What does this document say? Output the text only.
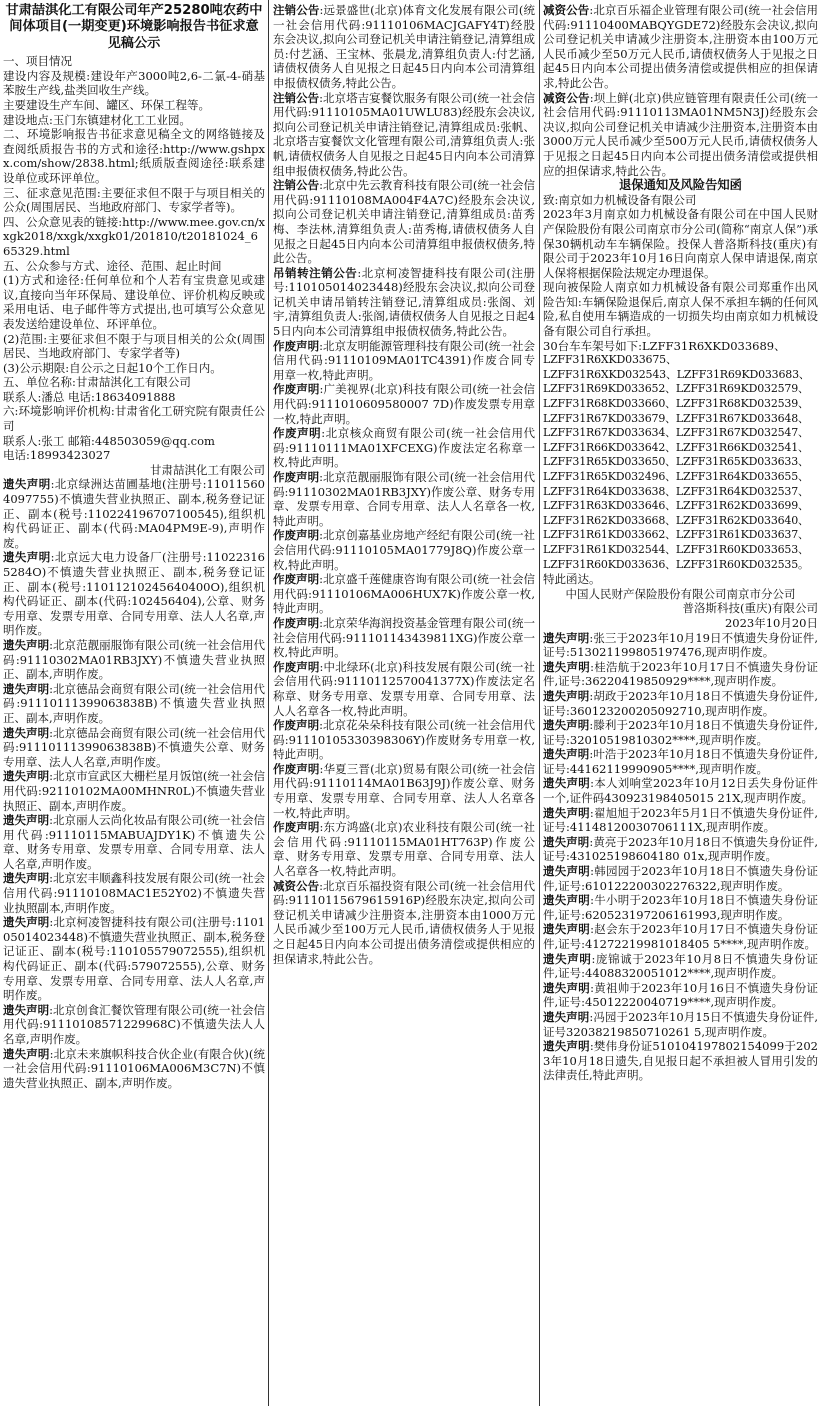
甘肃喆淇化工有限公司年产25280吨农药中间体项目(一期变更)环境影响报告书征求意见稿公示

一、项目情况

建设内容及规模:建设年产3000吨2,6-二氯-4-硝基苯胺生产线,盐类回收生产线。

主要建设生产车间、罐区、环保工程等。

建设地点:玉门东镇建材化工工业园。

二、环境影响报告书征求意见稿全文的网络链接及查阅纸质报告书的方式和途径:http://www.gshpxx.com/show/2838.html;纸质版查阅途径:联系建设单位或环评单位。

三、征求意见范围:主要征求但不限于与项目相关的公众(周围居民、当地政府部门、专家学者等)。

四、公众意见表的链接:http://www.mee.gov.cn/xxgk2018/xxgk/xxgk01/201810/t20181024_665329.html

五、公众参与方式、途径、范围、起止时间

(1)方式和途径:任何单位和个人若有宝贵意见或建议,直接向当年环保局、建设单位、评价机构反映或采用电话、电子邮件等方式提出,也可填写公众意见表发送给建设单位、环评单位。

(2)范围:主要征求但不限于与项目相关的公众(周围居民、当地政府部门、专家学者等)

(3)公示期限:自公示之日起10个工作日内。

五、单位名称:甘肃喆淇化工有限公司

联系人:潘总 电话:18634091888

六:环境影响评价机构:甘肃省化工研究院有限责任公司

联系人:张工 邮箱:448503059@qq.com

电话:18993423027

甘肃喆淇化工有限公司

遗失声明:北京绿洲达苗圃基地(注册号:110115604097755)不慎遗失营业执照正、副本,税务登记证正、副本(税号:110224196707100545),组织机构代码证正、副本(代码:MA04PM9E-9),声明作废。

遗失声明:北京远大电力设备厂(注册号:110223165284O)不慎遗失营业执照正、副本,税务登记证正、副本(税号:11011210245640400O),组织机构代码证正、副本(代码:102456404),公章、财务专用章、发票专用章、合同专用章、法人人名章,声明作废。

遗失声明:北京范靓丽服饰有限公司(统一社会信用代码:91110302MA01RB3JXY)不慎遗失营业执照正、副本,声明作废。

遗失声明:北京德品会商贸有限公司(统一社会信用代码:91110111399063838B)不慎遗失营业执照正、副本,声明作废。

遗失声明:北京德品会商贸有限公司(统一社会信用代码:91110111399063838B)不慎遗失公章、财务专用章、法人人名章,声明作废。

遗失声明:北京市宣武区大栅栏星月饭馆(统一社会信用代码:92110102MA00MHNR0L)不慎遗失营业执照正、副本,声明作废。

遗失声明:北京丽人云尚化妆品有限公司(统一社会信用代码:91110115MABUAJDY1K)不慎遗失公章、财务专用章、发票专用章、合同专用章、法人人名章,声明作废。

遗失声明:北京宏丰顺鑫科技发展有限公司(统一社会信用代码:91110108MAC1E52Y02)不慎遗失营业执照副本,声明作废。

遗失声明:北京柯凌智捷科技有限公司(注册号:110105014023448)不慎遗失营业执照正、副本,税务登记证正、副本(税号:110105579072555),组织机构代码证正、副本(代码:579072555),公章、财务专用章、发票专用章、合同专用章、法人人名章,声明作废。

遗失声明:北京创食汇餐饮管理有限公司(统一社会信用代码:91110108571229968C)不慎遗失法人人名章,声明作废。

遗失声明:北京未来旗帜科技合伙企业(有限合伙)(统一社会信用代码:91110106MA006M3C7N)不慎遗失营业执照正、副本,声明作废。

注销公告:远景盛世(北京)体育文化发展有限公司(统一社会信用代码:91110106MACJGAFY4T)经股东会决议,拟向公司登记机关申请注销登记,清算组成员:付艺涵、王宝林、张晨龙,清算组负责人:付艺涵,请债权债务人自见报之日起45日内向本公司清算组申报债权债务,特此公告。

注销公告:北京塔吉宴餐饮服务有限公司(统一社会信用代码:91110105MA01UWLU83)经股东会决议,拟向公司登记机关申请注销登记,清算组成员:张帆、北京塔吉宴餐饮文化管理有限公司,清算组负责人:张帆,请债权债务人自见报之日起45日内向本公司清算组申报债权债务,特此公告。

注销公告:北京中先云教育科技有限公司(统一社会信用代码:91110108MA004F4A7C)经股东会决议,拟向公司登记机关申请注销登记,清算组成员:苗秀梅、李法林,清算组负责人:苗秀梅,请债权债务人自见报之日起45日内向本公司清算组申报债权债务,特此公告。

吊销转注销公告:北京柯凌智捷科技有限公司(注册号:110105014023448)经股东会决议,拟向公司登记机关申请吊销转注销登记,清算组成员:张阁、刘宇,清算组负责人:张阁,请债权债务人自见报之日起45日内向本公司清算组申报债权债务,特此公告。

作废声明:北京友明能源管理科技有限公司(统一社会信用代码:91110109MA01TC4391)作废合同专用章一枚,特此声明。

作废声明:广美视界(北京)科技有限公司(统一社会信用代码:9111010609580007 7D)作废发票专用章一枚,特此声明。

作废声明:北京核众商贸有限公司(统一社会信用代码:91110111MA01XFCEXG)作废法定名称章一枚,特此声明。

作废声明:北京范靓丽服饰有限公司(统一社会信用代码:91110302MA01RB3JXY)作废公章、财务专用章、发票专用章、合同专用章、法人人名章各一枚,特此声明。

作废声明:北京创嘉基业房地产经纪有限公司(统一社会信用代码:91110105MA01779J8Q)作废公章一枚,特此声明。

作废声明:北京盛千莲健康咨询有限公司(统一社会信用代码:91110106MA006HUX7K)作废公章一枚,特此声明。

作废声明:北京荣华海润投资基金管理有限公司(统一社会信用代码:911101143439811XG)作废公章一枚,特此声明。

作废声明:中北绿环(北京)科技发展有限公司(统一社会信用代码:91110112570041377X)作废法定名称章、财务专用章、发票专用章、合同专用章、法人人名章各一枚,特此声明。

作废声明:北京花朵朵科技有限公司(统一社会信用代码:91110105330398306Y)作废财务专用章一枚,特此声明。

作废声明:华夏三晋(北京)贸易有限公司(统一社会信用代码:91110114MA01B63J9J)作废公章、财务专用章、发票专用章、合同专用章、法人人名章各一枚,特此声明。

作废声明:东方鸿盛(北京)农业科技有限公司(统一社会信用代码:91110115MA01HT763P)作废公章、财务专用章、发票专用章、合同专用章、法人人名章各一枚,特此声明。

减资公告:北京百乐福投资有限公司(统一社会信用代码:91110115679615916P)经股东决定,拟向公司登记机关申请减少注册资本,注册资本由1000万元人民币减少至100万元人民币,请债权债务人于见报之日起45日内向本公司提出债务清偿或提供相应的担保请求,特此公告。

减资公告:北京百乐福企业管理有限公司(统一社会信用代码:91110400MABQYGDE72)经股东会决议,拟向公司登记机关申请减少注册资本,注册资本由100万元人民币减少至50万元人民币,请债权债务人于见报之日起45日内向本公司提出债务清偿或提供相应的担保请求,特此公告。

减资公告:坝上鲜(北京)供应链管理有限责任公司(统一社会信用代码:91110113MA01NM5N3J)经股东会决议,拟向公司登记机关申请减少注册资本,注册资本由3000万元人民币减少至500万元人民币,请债权债务人于见报之日起45日内向本公司提出债务清偿或提供相应的担保请求,特此公告。

退保通知及风险告知函

致:南京如力机械设备有限公司

2023年3月南京如力机械设备有限公司在中国人民财产保险股份有限公司南京市分公司(简称“南京人保”)承保30辆机动车车辆保险。投保人普洛斯科技(重庆)有限公司于2023年10月16日向南京人保申请退保,南京人保将根据保险法规定办理退保。

现向被保险人南京如力机械设备有限公司郑重作出风险告知:车辆保险退保后,南京人保不承担车辆的任何风险,私自使用车辆造成的一切损失均由南京如力机械设备有限公司自行承担。

30台车车架号如下:LZFF31R6XKD033689、

LZFF31R6XKD033675、

LZFF31R6XKD032543、LZFF31R69KD033683、

LZFF31R69KD033652、LZFF31R69KD032579、

LZFF31R68KD033660、LZFF31R68KD032539、

LZFF31R67KD033679、LZFF31R67KD033648、

LZFF31R67KD033634、LZFF31R67KD032547、

LZFF31R66KD033642、LZFF31R66KD032541、

LZFF31R65KD033650、LZFF31R65KD033633、

LZFF31R65KD032496、LZFF31R64KD033655、

LZFF31R64KD033638、LZFF31R64KD032537、

LZFF31R63KD033646、LZFF31R62KD033699、

LZFF31R62KD033668、LZFF31R62KD033640、

LZFF31R61KD033662、LZFF31R61KD033637、

LZFF31R61KD032544、LZFF31R60KD033653、

LZFF31R60KD033636、LZFF31R60KD032535。

特此函达。

中国人民财产保险股份有限公司南京市分公司

普洛斯科技(重庆)有限公司

2023年10月20日

遗失声明:张三于2023年10月19日不慎遗失身份证件,证号:513021199805197476,现声明作废。

遗失声明:桂浩航于2023年10月17日不慎遗失身份证件,证号:36220419850929****,现声明作废。

遗失声明:胡政于2023年10月18日不慎遗失身份证件,证号:360123200205092710,现声明作废。

遗失声明:滕利于2023年10月18日不慎遗失身份证件,证号:32010519810302****,现声明作废。

遗失声明:叶浩于2023年10月18日不慎遗失身份证件,证号:44162119990905****,现声明作废。

遗失声明:本人刘响堂2023年10月12日丢失身份证件一个,证件码430923198405015 21X,现声明作废。

遗失声明:翟旭旭于2023年5月1日不慎遗失身份证件,证号:41148120030706111X,现声明作废。

遗失声明:黄亮于2023年10月18日不慎遗失身份证件,证号:431025198604180 01x,现声明作废。

遗失声明:韩园园于2023年10月18日不慎遗失身份证件,证号:610122200302276322,现声明作废。

遗失声明:牛小明于2023年10月18日不慎遗失身份证件,证号:620523197206161993,现声明作废。

遗失声明:赵会东于2023年10月17日不慎遗失身份证件,证号:41272219981018405 5****,现声明作废。

遗失声明:庞锦诚于2023年10月8日不慎遗失身份证件,证号:44088320051012****,现声明作废。

遗失声明:黄祖帅于2023年10月16日不慎遗失身份证件,证号:45012220040719****,现声明作废。

遗失声明:冯园于2023年10月15日不慎遗失身份证件,证号32038219850710261 5,现声明作废。

遗失声明:樊伟身份证510104197802154099于2023年10月18日遗失,自见报日起不承担被人冒用引发的法律责任,特此声明。
